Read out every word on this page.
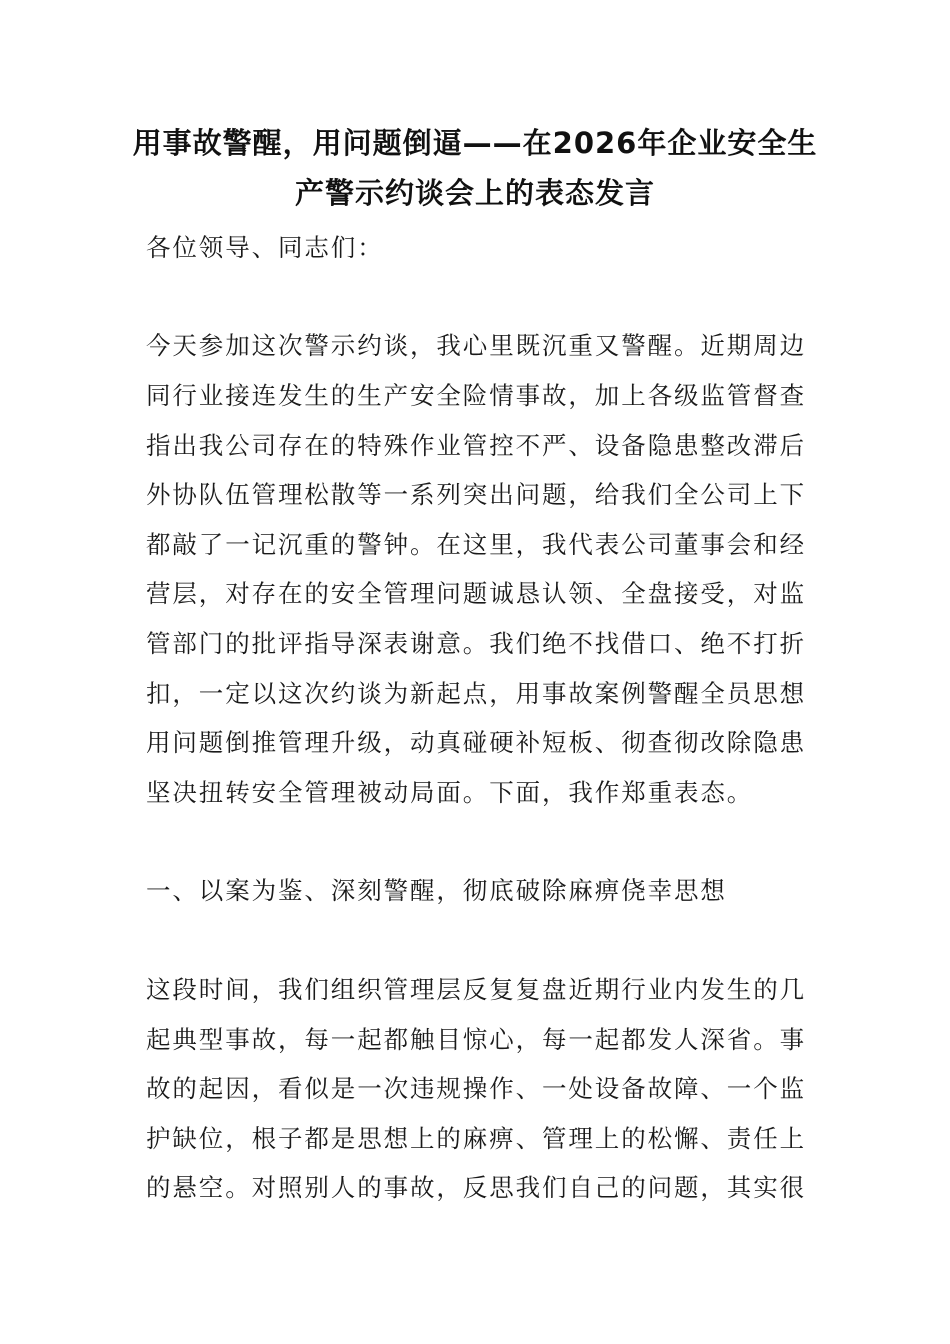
用事故警醒，用问题倒逼——在2026年企业安全生
产警示约谈会上的表态发言
各位领导、同志们：
今天参加这次警示约谈，我心里既沉重又警醒。近期周边
同行业接连发生的生产安全险情事故，加上各级监管督查
指出我公司存在的特殊作业管控不严、设备隐患整改滞后
外协队伍管理松散等一系列突出问题，给我们全公司上下
都敲了一记沉重的警钟。在这里，我代表公司董事会和经
营层，对存在的安全管理问题诚恳认领、全盘接受，对监
管部门的批评指导深表谢意。我们绝不找借口、绝不打折
扣，一定以这次约谈为新起点，用事故案例警醒全员思想
用问题倒推管理升级，动真碰硬补短板、彻查彻改除隐患
坚决扭转安全管理被动局面。下面，我作郑重表态。
一、以案为鉴、深刻警醒，彻底破除麻痹侥幸思想
这段时间，我们组织管理层反复复盘近期行业内发生的几
起典型事故，每一起都触目惊心，每一起都发人深省。事
故的起因，看似是一次违规操作、一处设备故障、一个监
护缺位，根子都是思想上的麻痹、管理上的松懈、责任上
的悬空。对照别人的事故，反思我们自己的问题，其实很
